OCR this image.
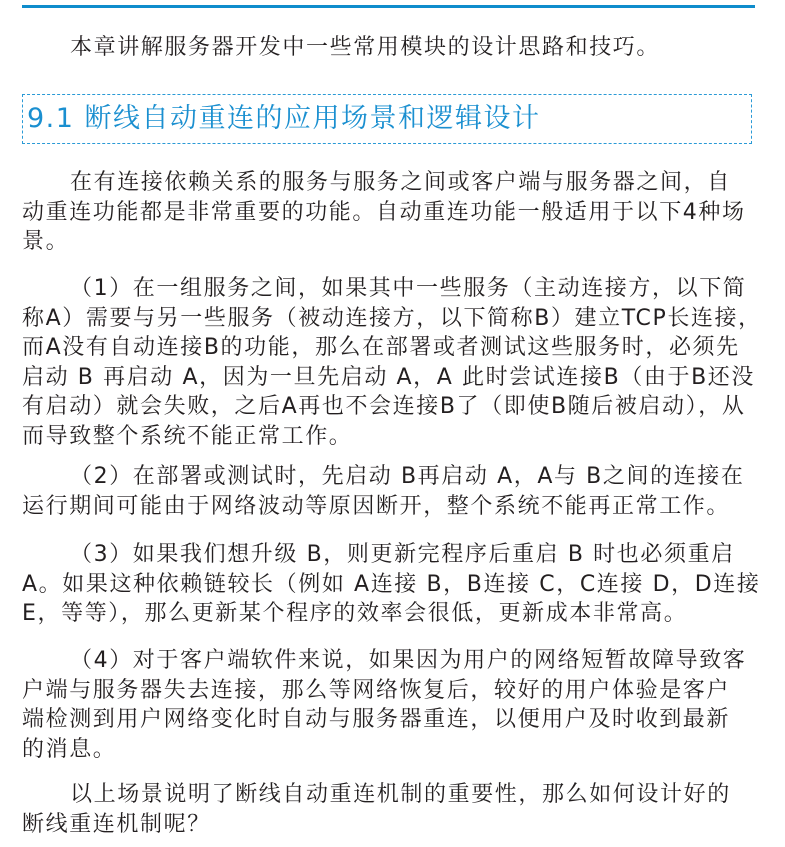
本章讲解服务器开发中一些常用模块的设计思路和技巧。
9.1 断线自动重连的应用场景和逻辑设计
在有连接依赖关系的服务与服务之间或客户端与服务器之间，自
动重连功能都是非常重要的功能。自动重连功能一般适用于以下4种场
景。
（1）在一组服务之间，如果其中一些服务（主动连接方，以下简
称A）需要与另一些服务（被动连接方，以下简称B）建立TCP长连接，
而A没有自动连接B的功能，那么在部署或者测试这些服务时，必须先
启动 B 再启动 A，因为一旦先启动 A，A 此时尝试连接B（由于B还没
有启动）就会失败，之后A再也不会连接B了（即使B随后被启动），从
而导致整个系统不能正常工作。
（2）在部署或测试时，先启动 B再启动 A，A与 B之间的连接在
运行期间可能由于网络波动等原因断开，整个系统不能再正常工作。
（3）如果我们想升级 B，则更新完程序后重启 B 时也必须重启
A。如果这种依赖链较长（例如 A连接 B，B连接 C，C连接 D，D连接
E，等等），那么更新某个程序的效率会很低，更新成本非常高。
（4）对于客户端软件来说，如果因为用户的网络短暂故障导致客
户端与服务器失去连接，那么等网络恢复后，较好的用户体验是客户
端检测到用户网络变化时自动与服务器重连，以便用户及时收到最新
的消息。
以上场景说明了断线自动重连机制的重要性，那么如何设计好的
断线重连机制呢？
